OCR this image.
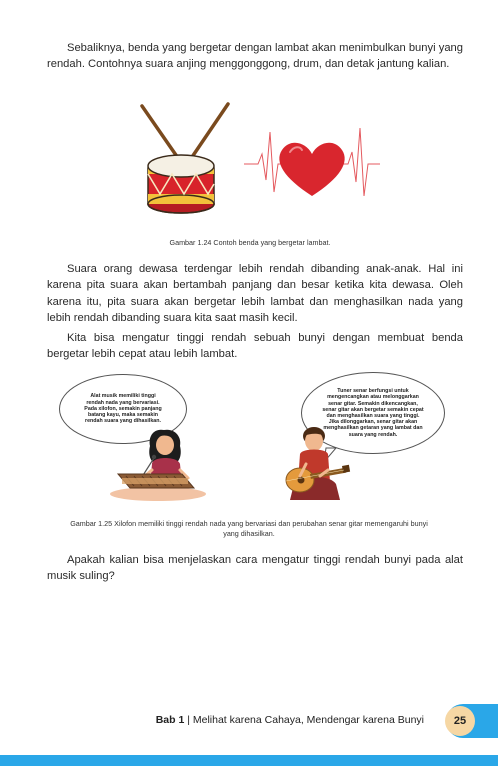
Sebaliknya, benda yang bergetar dengan lambat akan menimbulkan bunyi yang rendah. Contohnya suara anjing menggonggong, drum, dan detak jantung kalian.

Gambar 1.24 Contoh benda yang bergetar lambat.

Suara orang dewasa terdengar lebih rendah dibanding anak-anak. Hal ini karena pita suara akan bertambah panjang dan besar ketika kita dewasa. Oleh karena itu, pita suara akan bergetar lebih lambat dan menghasilkan nada yang lebih rendah dibanding suara kita saat masih kecil.

Kita bisa mengatur tinggi rendah sebuah bunyi dengan membuat benda bergetar lebih cepat atau lebih lambat.

Alat musik memiliki tinggi rendah nada yang bervariasi. Pada xilofon, semakin panjang batang kayu, maka semakin rendah suara yang dihasilkan.

Tuner senar berfungsi untuk mengencangkan atau melonggarkan senar gitar. Semakin dikencangkan, senar gitar akan bergetar semakin cepat dan menghasilkan suara yang tinggi. Jika dilonggarkan, senar gitar akan menghasilkan getaran yang lambat dan suara yang rendah.

Gambar 1.25 Xilofon memiliki tinggi rendah nada yang bervariasi dan perubahan senar gitar memengaruhi bunyi yang dihasilkan.

Apakah kalian bisa menjelaskan cara mengatur tinggi rendah bunyi pada alat musik suling?

Bab 1 | Melihat karena Cahaya, Mendengar karena Bunyi	25
